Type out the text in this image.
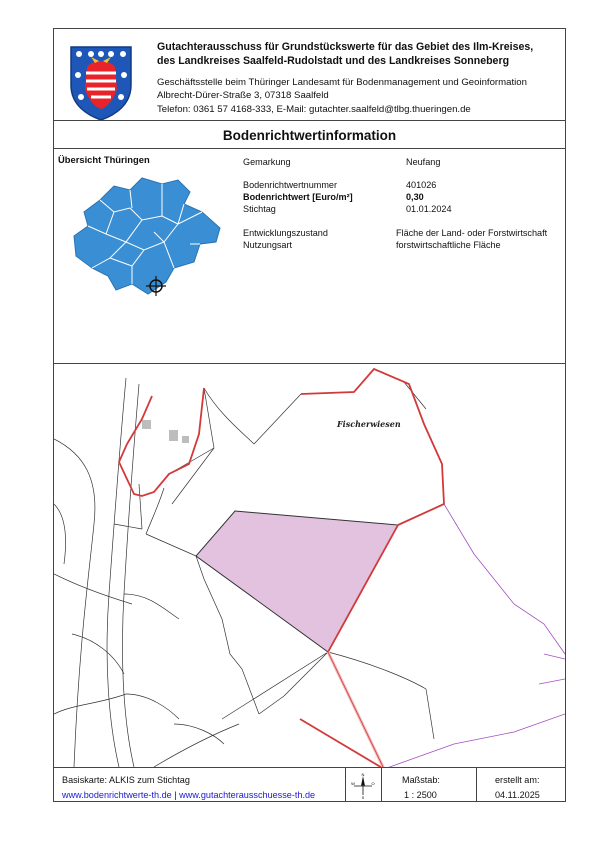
Gutachterausschuss für Grundstückswerte für das Gebiet des Ilm-Kreises,
des Landkreises Saalfeld-Rudolstadt und des Landkreises Sonneberg
Geschäftsstelle beim Thüringer Landesamt für Bodenmanagement und Geoinformation
Albrecht-Dürer-Straße 3, 07318 Saalfeld
Telefon: 0361 57 4168-333, E-Mail: gutachter.saalfeld@tlbg.thueringen.de
Bodenrichtwertinformation
Übersicht Thüringen	Gemarkung	Neufang
Bodenrichtwertnummer	401026
Bodenrichtwert [Euro/m²]	0,30
Stichtag	01.01.2024
Entwicklungszustand	Fläche der Land- oder Forstwirtschaft
Nutzungsart	forstwirtschaftliche Fläche
Fischerwiesen
Basiskarte: ALKIS zum Stichtag
www.bodenrichtwerte-th.de | www.gutachterausschuesse-th.de
N
S
W	O	Maßstab:
1 : 2500
erstellt am:
04.11.2025
